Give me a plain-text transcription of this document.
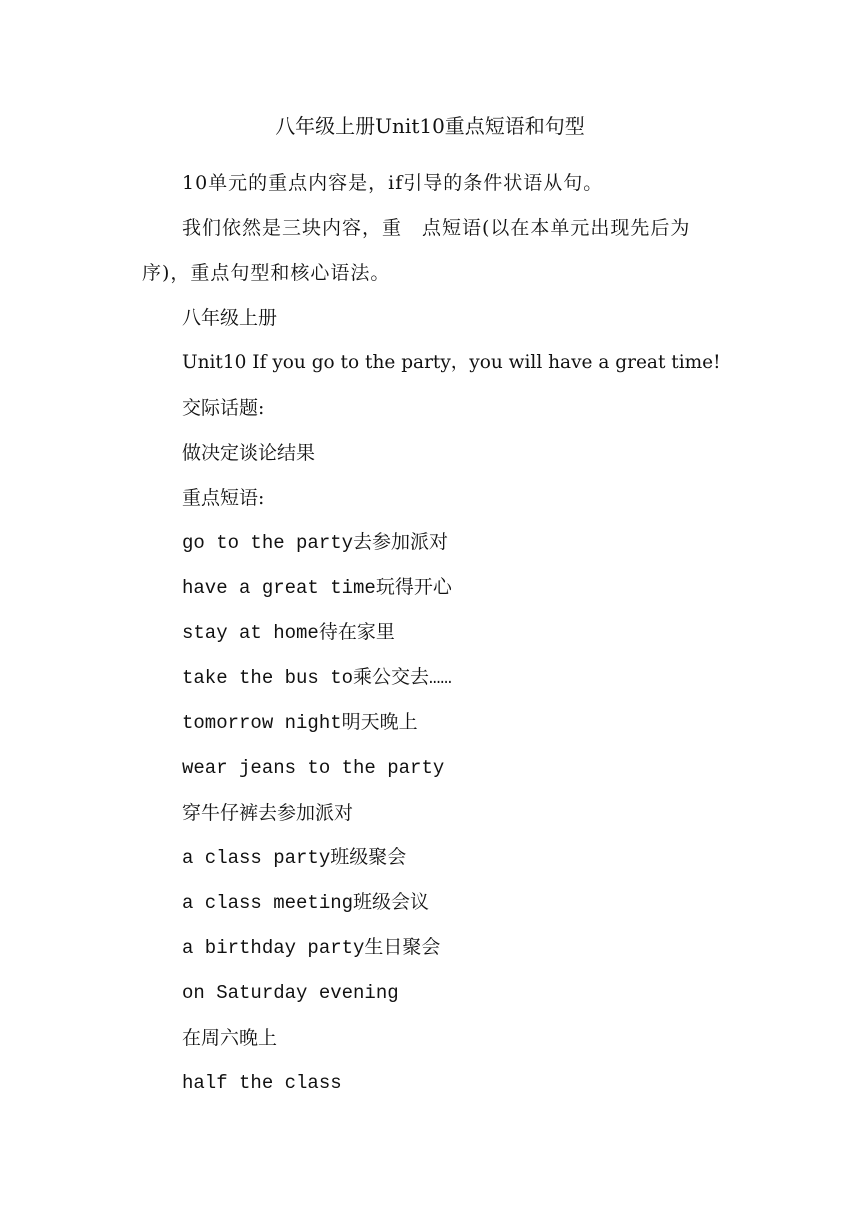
八年级上册Unit10重点短语和句型
10单元的重点内容是，if引导的条件状语从句。
我们依然是三块内容，重　点短语(以在本单元出现先后为
序)，重点句型和核心语法。
八年级上册
Unit10 If you go to the party，you will have a great time!
交际话题:
做决定谈论结果
重点短语:
go to the party去参加派对
have a great time玩得开心
stay at home待在家里
take the bus to乘公交去……
tomorrow night明天晚上
wear jeans to the party
穿牛仔裤去参加派对
a class party班级聚会
a class meeting班级会议
a birthday party生日聚会
on Saturday evening
在周六晚上
half the class
